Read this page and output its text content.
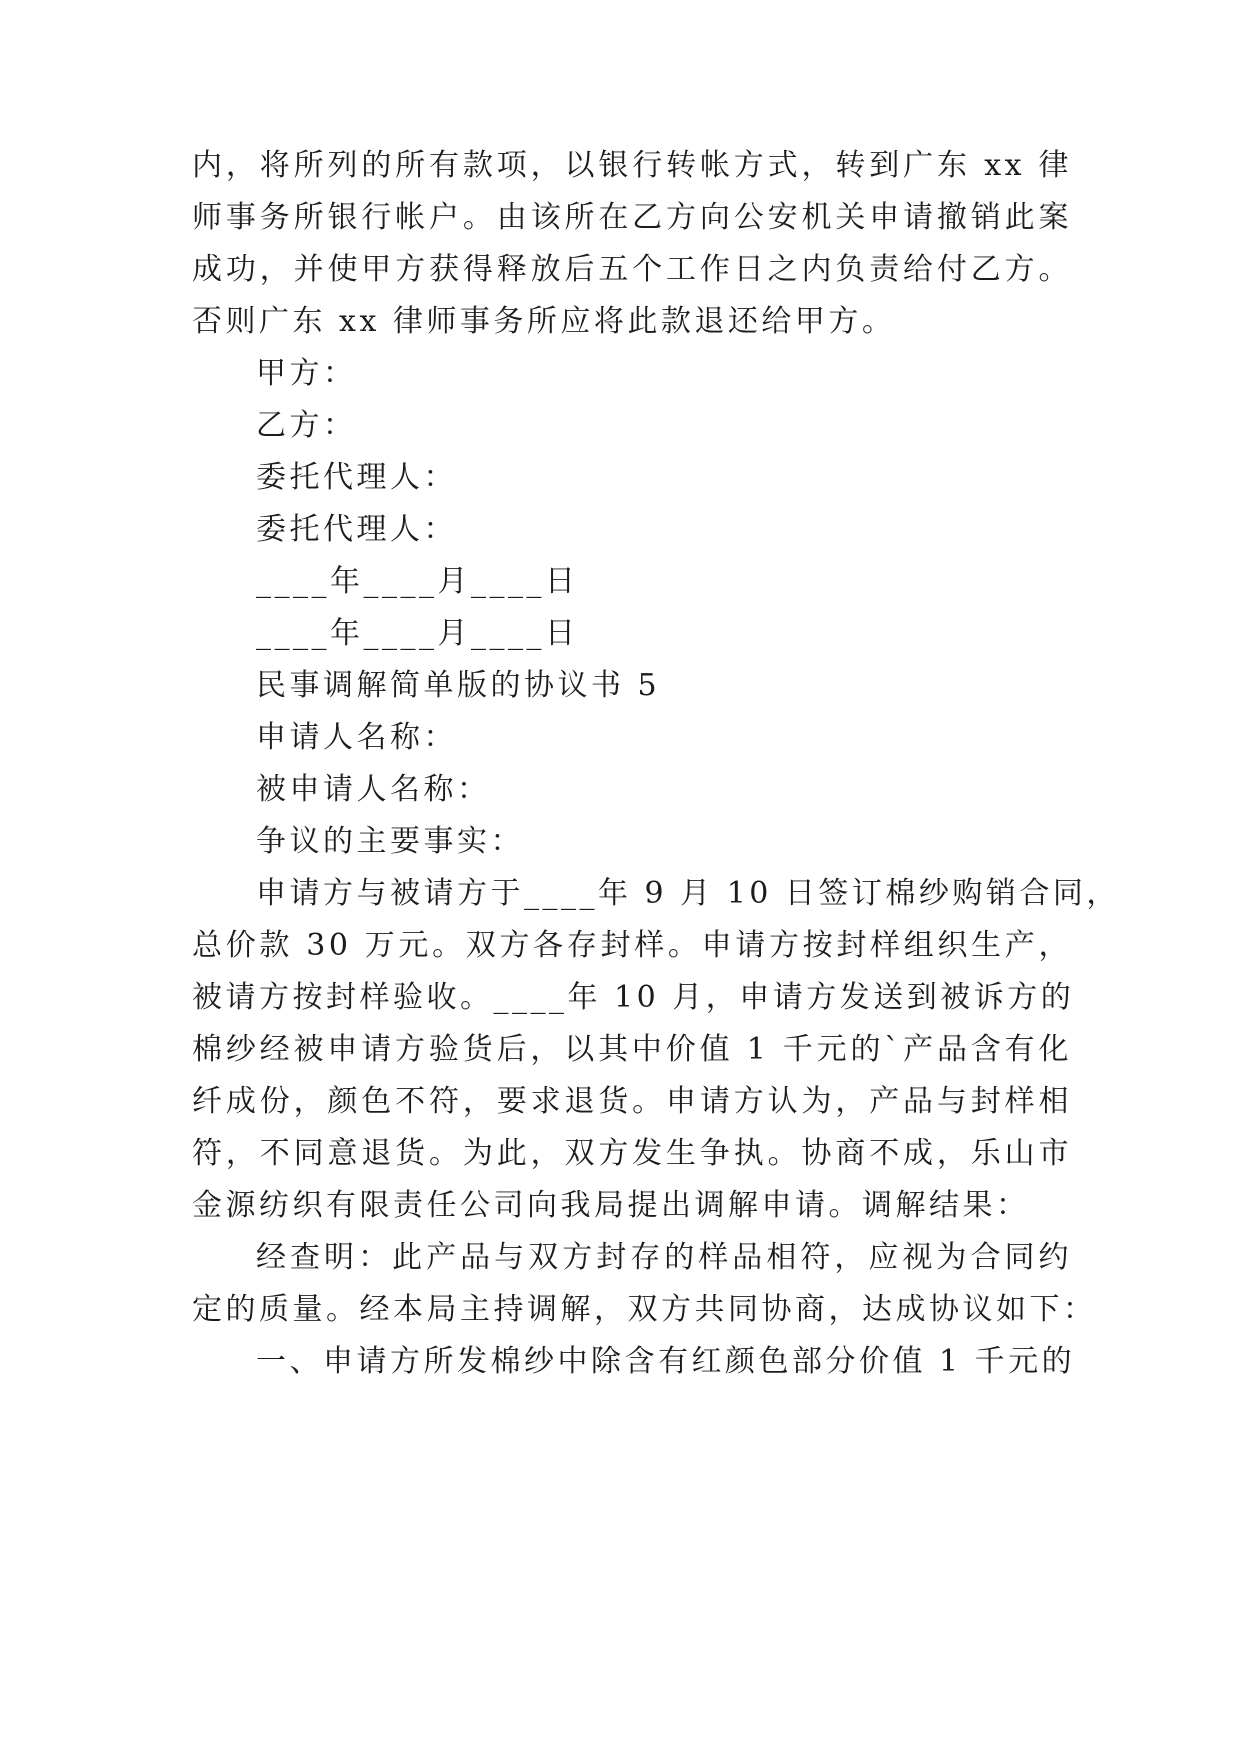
内，将所列的所有款项，以银行转帐方式，转到广东 xx 律
师事务所银行帐户。由该所在乙方向公安机关申请撤销此案
成功，并使甲方获得释放后五个工作日之内负责给付乙方。
否则广东 xx 律师事务所应将此款退还给甲方。
甲方：
乙方：
委托代理人：
委托代理人：
____年____月____日
____年____月____日
民事调解简单版的协议书 5
申请人名称：
被申请人名称：
争议的主要事实：
申请方与被请方于____年 9 月 10 日签订棉纱购销合同，
总价款 30 万元。双方各存封样。申请方按封样组织生产，
被请方按封样验收。____年 10 月，申请方发送到被诉方的
棉纱经被申请方验货后，以其中价值 1 千元的`产品含有化
纤成份，颜色不符，要求退货。申请方认为，产品与封样相
符，不同意退货。为此，双方发生争执。协商不成，乐山市
金源纺织有限责任公司向我局提出调解申请。调解结果：
经查明：此产品与双方封存的样品相符，应视为合同约
定的质量。经本局主持调解，双方共同协商，达成协议如下：
一、申请方所发棉纱中除含有红颜色部分价值 1 千元的
